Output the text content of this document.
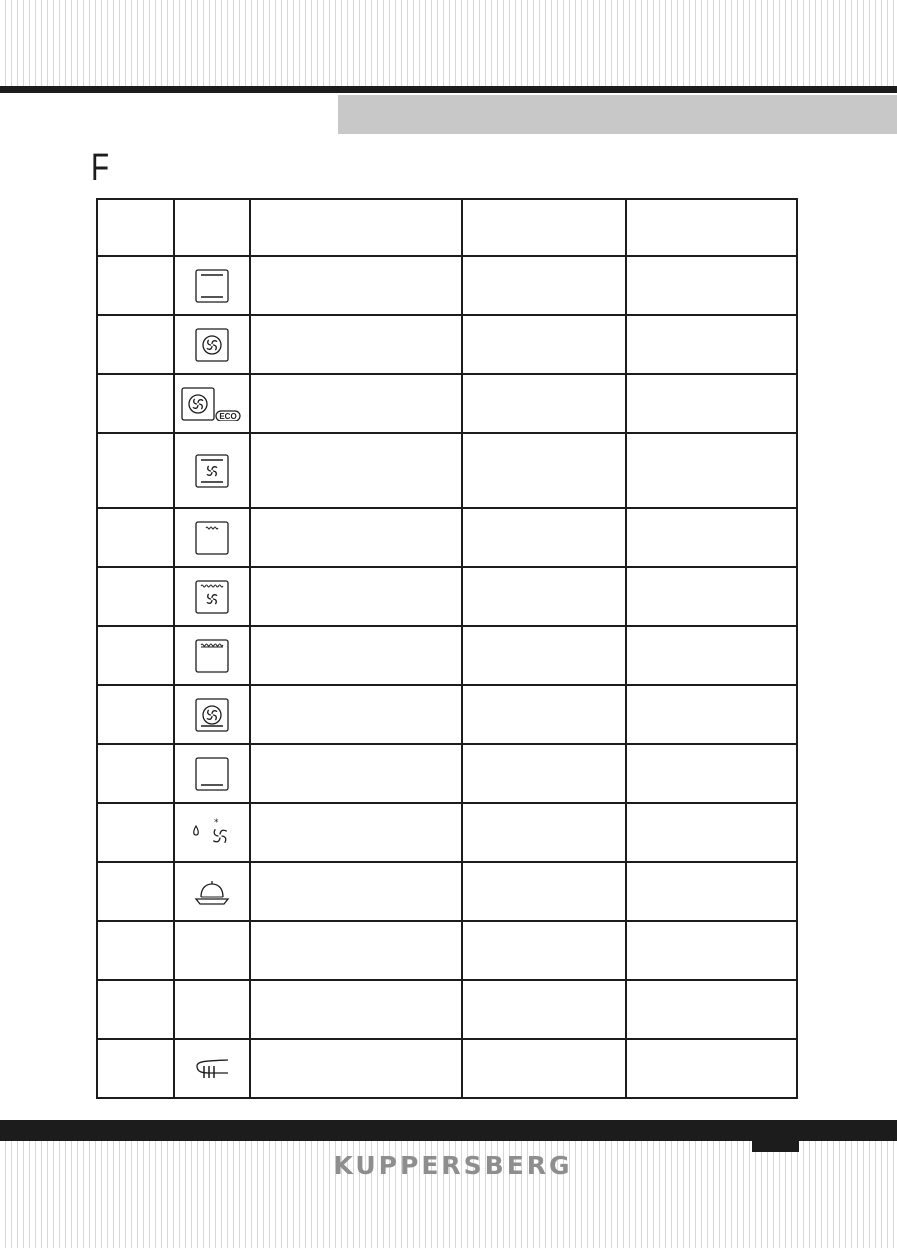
F

ECO			

*			

KUPPERSBERG
